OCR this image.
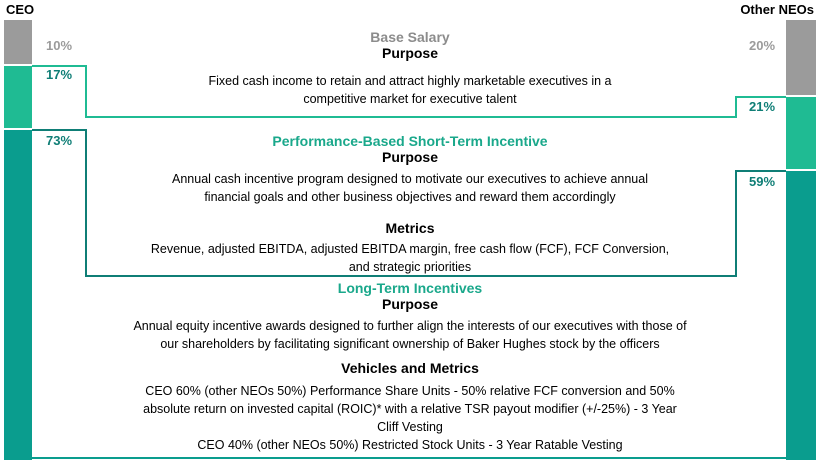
CEO	Other NEOs
10%
17%
73%
20%
21%
59%
Base Salary
Purpose
Fixed cash income to retain and attract highly marketable executives in a
competitive market for executive talent
Performance-Based Short-Term Incentive
Purpose
Annual cash incentive program designed to motivate our executives to achieve annual
financial goals and other business objectives and reward them accordingly
Metrics
Revenue, adjusted EBITDA, adjusted EBITDA margin, free cash flow (FCF), FCF Conversion,
and strategic priorities
Long-Term Incentives
Purpose
Annual equity incentive awards designed to further align the interests of our executives with those of
our shareholders by facilitating significant ownership of Baker Hughes stock by the officers
Vehicles and Metrics
CEO 60% (other NEOs 50%) Performance Share Units - 50% relative FCF conversion and 50%
absolute return on invested capital (ROIC)* with a relative TSR payout modifier (+/-25%) - 3 Year
Cliff Vesting
CEO 40% (other NEOs 50%) Restricted Stock Units - 3 Year Ratable Vesting
